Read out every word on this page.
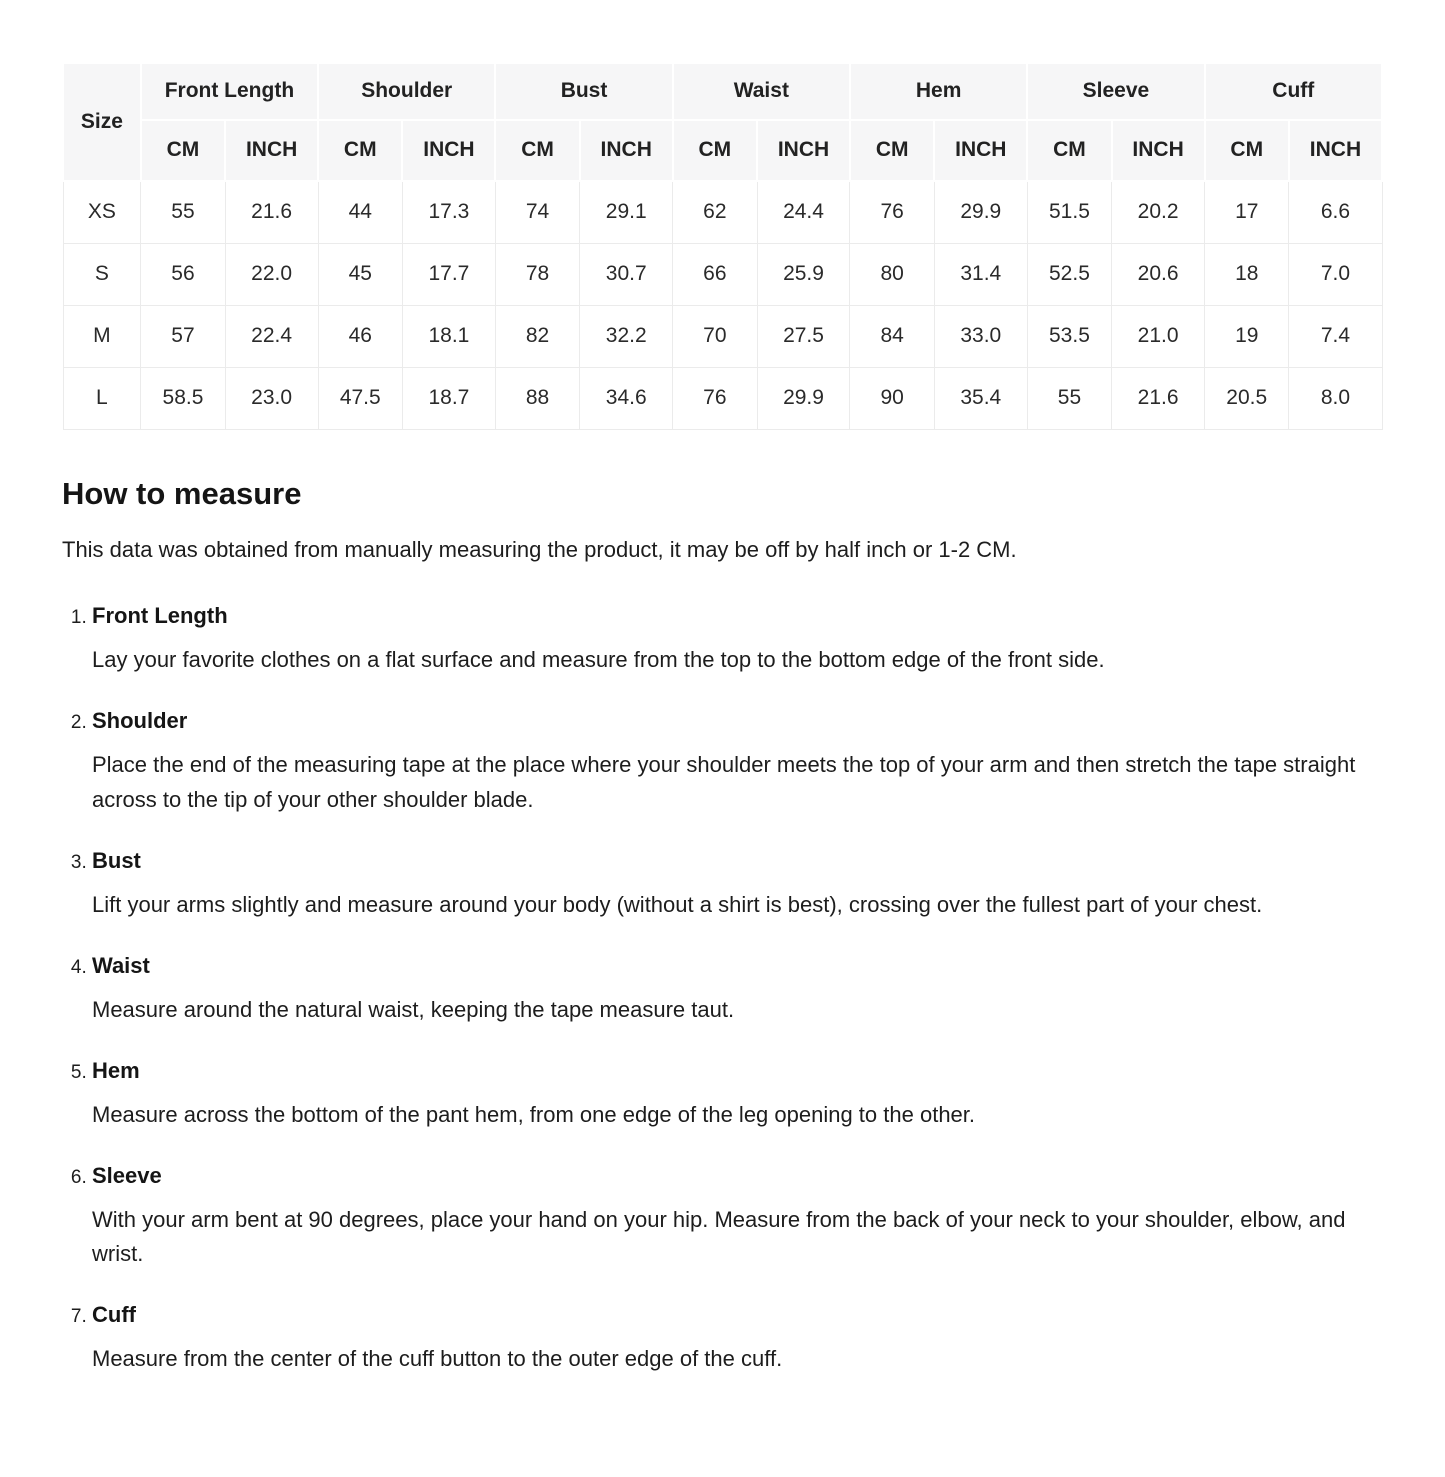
Size	Front Length		Shoulder		Bust		Waist		Hem		Sleeve		Cuff	
	CM	INCH	CM	INCH	CM	INCH	CM	INCH	CM	INCH	CM	INCH	CM	INCH
XS	55	21.6	44	17.3	74	29.1	62	24.4	76	29.9	51.5	20.2	17	6.6
S	56	22.0	45	17.7	78	30.7	66	25.9	80	31.4	52.5	20.6	18	7.0
M	57	22.4	46	18.1	82	32.2	70	27.5	84	33.0	53.5	21.0	19	7.4
L	58.5	23.0	47.5	18.7	88	34.6	76	29.9	90	35.4	55	21.6	20.5	8.0
How to measure

This data was obtained from manually measuring the product, it may be off by half inch or 1-2 CM.

1. Front Length

Lay your favorite clothes on a flat surface and measure from the top to the bottom edge of the front side.

2. Shoulder

Place the end of the measuring tape at the place where your shoulder meets the top of your arm and then stretch the tape straight across to the tip of your other shoulder blade.

3. Bust

Lift your arms slightly and measure around your body (without a shirt is best), crossing over the fullest part of your chest.

4. Waist

Measure around the natural waist, keeping the tape measure taut.

5. Hem

Measure across the bottom of the pant hem, from one edge of the leg opening to the other.

6. Sleeve

With your arm bent at 90 degrees, place your hand on your hip. Measure from the back of your neck to your shoulder, elbow, and wrist.

7. Cuff

Measure from the center of the cuff button to the outer edge of the cuff.
